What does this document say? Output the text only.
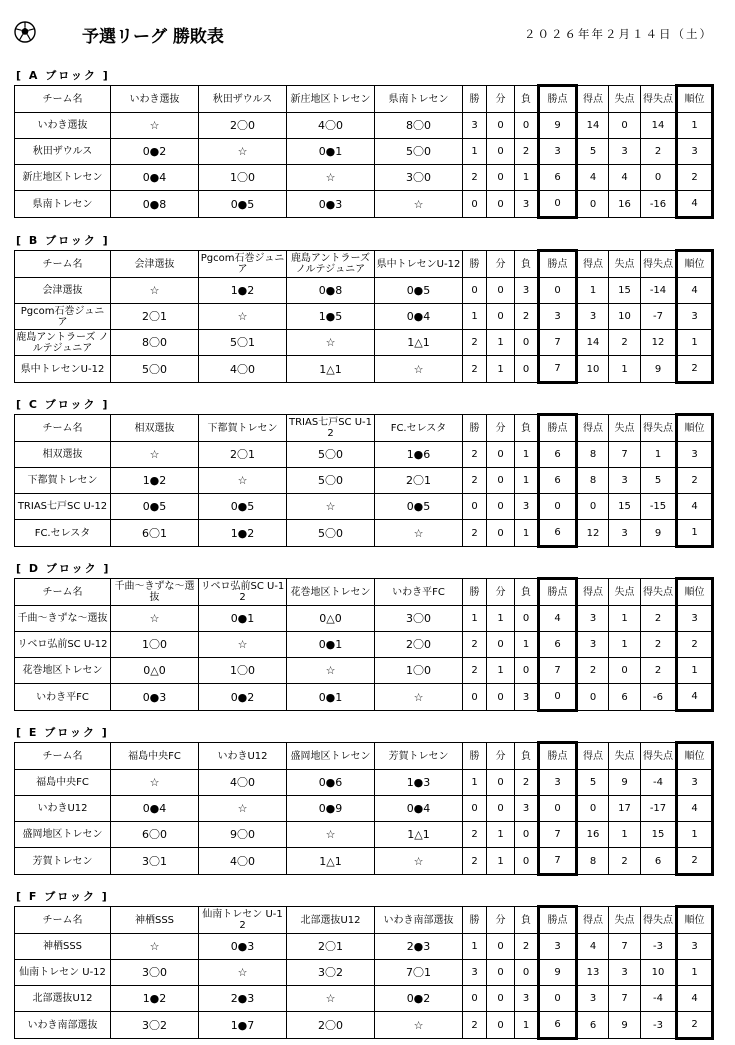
予選リーグ 勝敗表	２０２６年年２月１４日（土）
[ A ブロック ]
チーム名	いわき選抜	秋田ザウルス	新庄地区トレセン	県南トレセン	勝	分	負	勝点	得点	失点	得失点	順位
いわき選抜	☆	2〇0	4〇0	8〇0	3	0	0	9	14	0	14	1
秋田ザウルス	0●2	☆	0●1	5〇0	1	0	2	3	5	3	2	3
新庄地区トレセン	0●4	1〇0	☆	3〇0	2	0	1	6	4	4	0	2
県南トレセン	0●8	0●5	0●3	☆	0	0	3	0	0	16	-16	4
[ B ブロック ]
チーム名	会津選抜	Pgcom石巻ジュニア	鹿島アントラーズ ノルテジュニア	県中トレセンU-12	勝	分	負	勝点	得点	失点	得失点	順位
会津選抜	☆	1●2	0●8	0●5	0	0	3	0	1	15	-14	4
Pgcom石巻ジュニア	2〇1	☆	1●5	0●4	1	0	2	3	3	10	-7	3
鹿島アントラーズ ノルテジュニア	8〇0	5〇1	☆	1△1	2	1	0	7	14	2	12	1
県中トレセンU-12	5〇0	4〇0	1△1	☆	2	1	0	7	10	1	9	2
[ C ブロック ]
チーム名	相双選抜	下都賀トレセン	TRIAS七戸SC U-12	FC.セレスタ	勝	分	負	勝点	得点	失点	得失点	順位
相双選抜	☆	2〇1	5〇0	1●6	2	0	1	6	8	7	1	3
下都賀トレセン	1●2	☆	5〇0	2〇1	2	0	1	6	8	3	5	2
TRIAS七戸SC U-12	0●5	0●5	☆	0●5	0	0	3	0	0	15	-15	4
FC.セレスタ	6〇1	1●2	5〇0	☆	2	0	1	6	12	3	9	1
[ D ブロック ]
チーム名	千曲～きずな～選抜	リベロ弘前SC U-12	花巻地区トレセン	いわき平FC	勝	分	負	勝点	得点	失点	得失点	順位
千曲～きずな～選抜	☆	0●1	0△0	3〇0	1	1	0	4	3	1	2	3
リベロ弘前SC U-12	1〇0	☆	0●1	2〇0	2	0	1	6	3	1	2	2
花巻地区トレセン	0△0	1〇0	☆	1〇0	2	1	0	7	2	0	2	1
いわき平FC	0●3	0●2	0●1	☆	0	0	3	0	0	6	-6	4
[ E ブロック ]
チーム名	福島中央FC	いわきU12	盛岡地区トレセン	芳賀トレセン	勝	分	負	勝点	得点	失点	得失点	順位
福島中央FC	☆	4〇0	0●6	1●3	1	0	2	3	5	9	-4	3
いわきU12	0●4	☆	0●9	0●4	0	0	3	0	0	17	-17	4
盛岡地区トレセン	6〇0	9〇0	☆	1△1	2	1	0	7	16	1	15	1
芳賀トレセン	3〇1	4〇0	1△1	☆	2	1	0	7	8	2	6	2
[ F ブロック ]
チーム名	神栖SSS	仙南トレセン U-12	北部選抜U12	いわき南部選抜	勝	分	負	勝点	得点	失点	得失点	順位
神栖SSS	☆	0●3	2〇1	2●3	1	0	2	3	4	7	-3	3
仙南トレセン U-12	3〇0	☆	3〇2	7〇1	3	0	0	9	13	3	10	1
北部選抜U12	1●2	2●3	☆	0●2	0	0	3	0	3	7	-4	4
いわき南部選抜	3〇2	1●7	2〇0	☆	2	0	1	6	6	9	-3	2
